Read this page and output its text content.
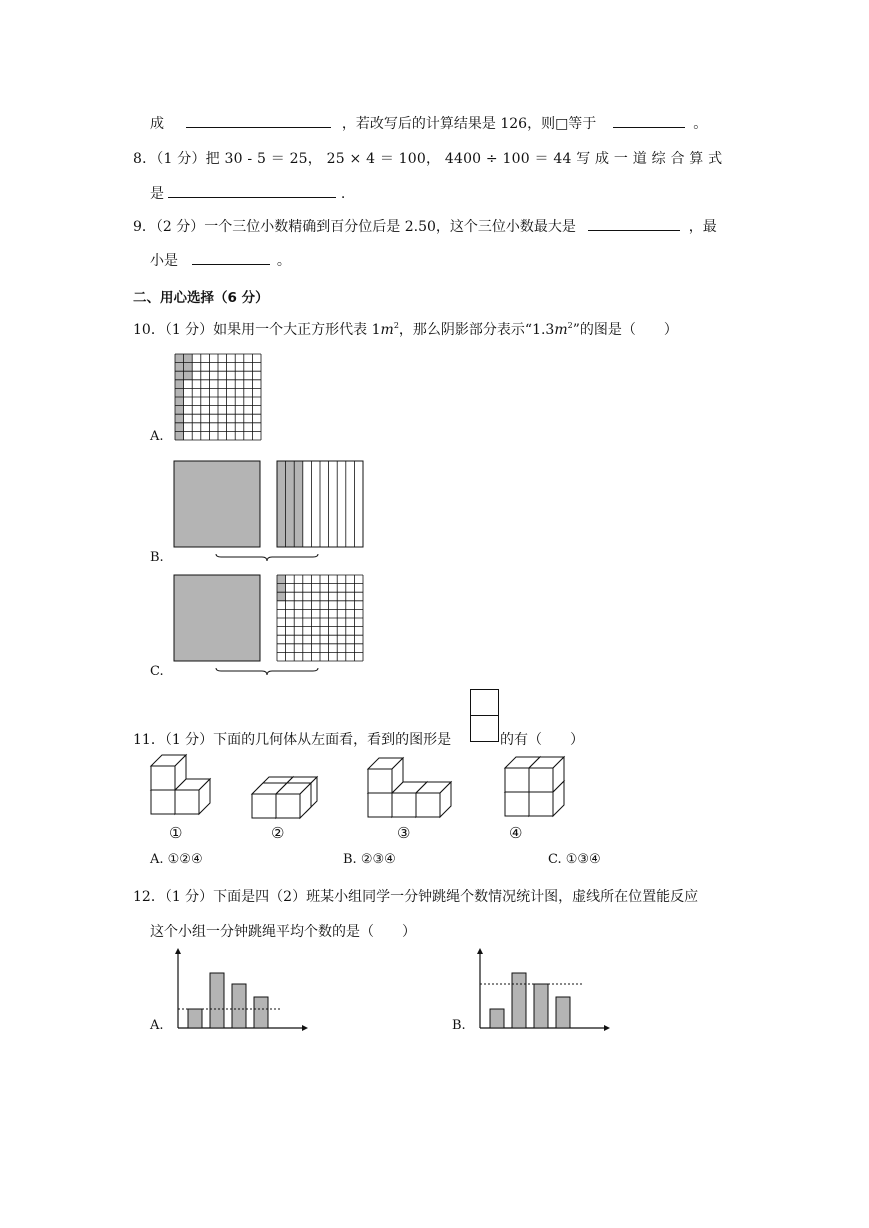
成	，若改写后的计算结果是 126，则□等于	。
8．（1 分）把 30 - 5 ＝ 25， 25 × 4 ＝ 100， 4400 ÷ 100 ＝ 44 写 成 一 道 综 合 算 式
是	.
9．（2 分）一个三位小数精确到百分位后是 2.50，这个三位小数最大是	，最
小是	。
二、用心选择（6 分）
10．（1 分）如果用一个大正方形代表 $1m^2$，那么阴影部分表示“$1.3m^2$”的图是（　　）
A.
B.
C.
11．（1 分）下面的几何体从左面看，看到的图形是	的有（　　）
①	②	③	④
A. ①②④	B. ②③④	C. ①③④
12．（1 分）下面是四（2）班某小组同学一分钟跳绳个数情况统计图，虚线所在位置能反应
这个小组一分钟跳绳平均个数的是（　　）
A.	B.
